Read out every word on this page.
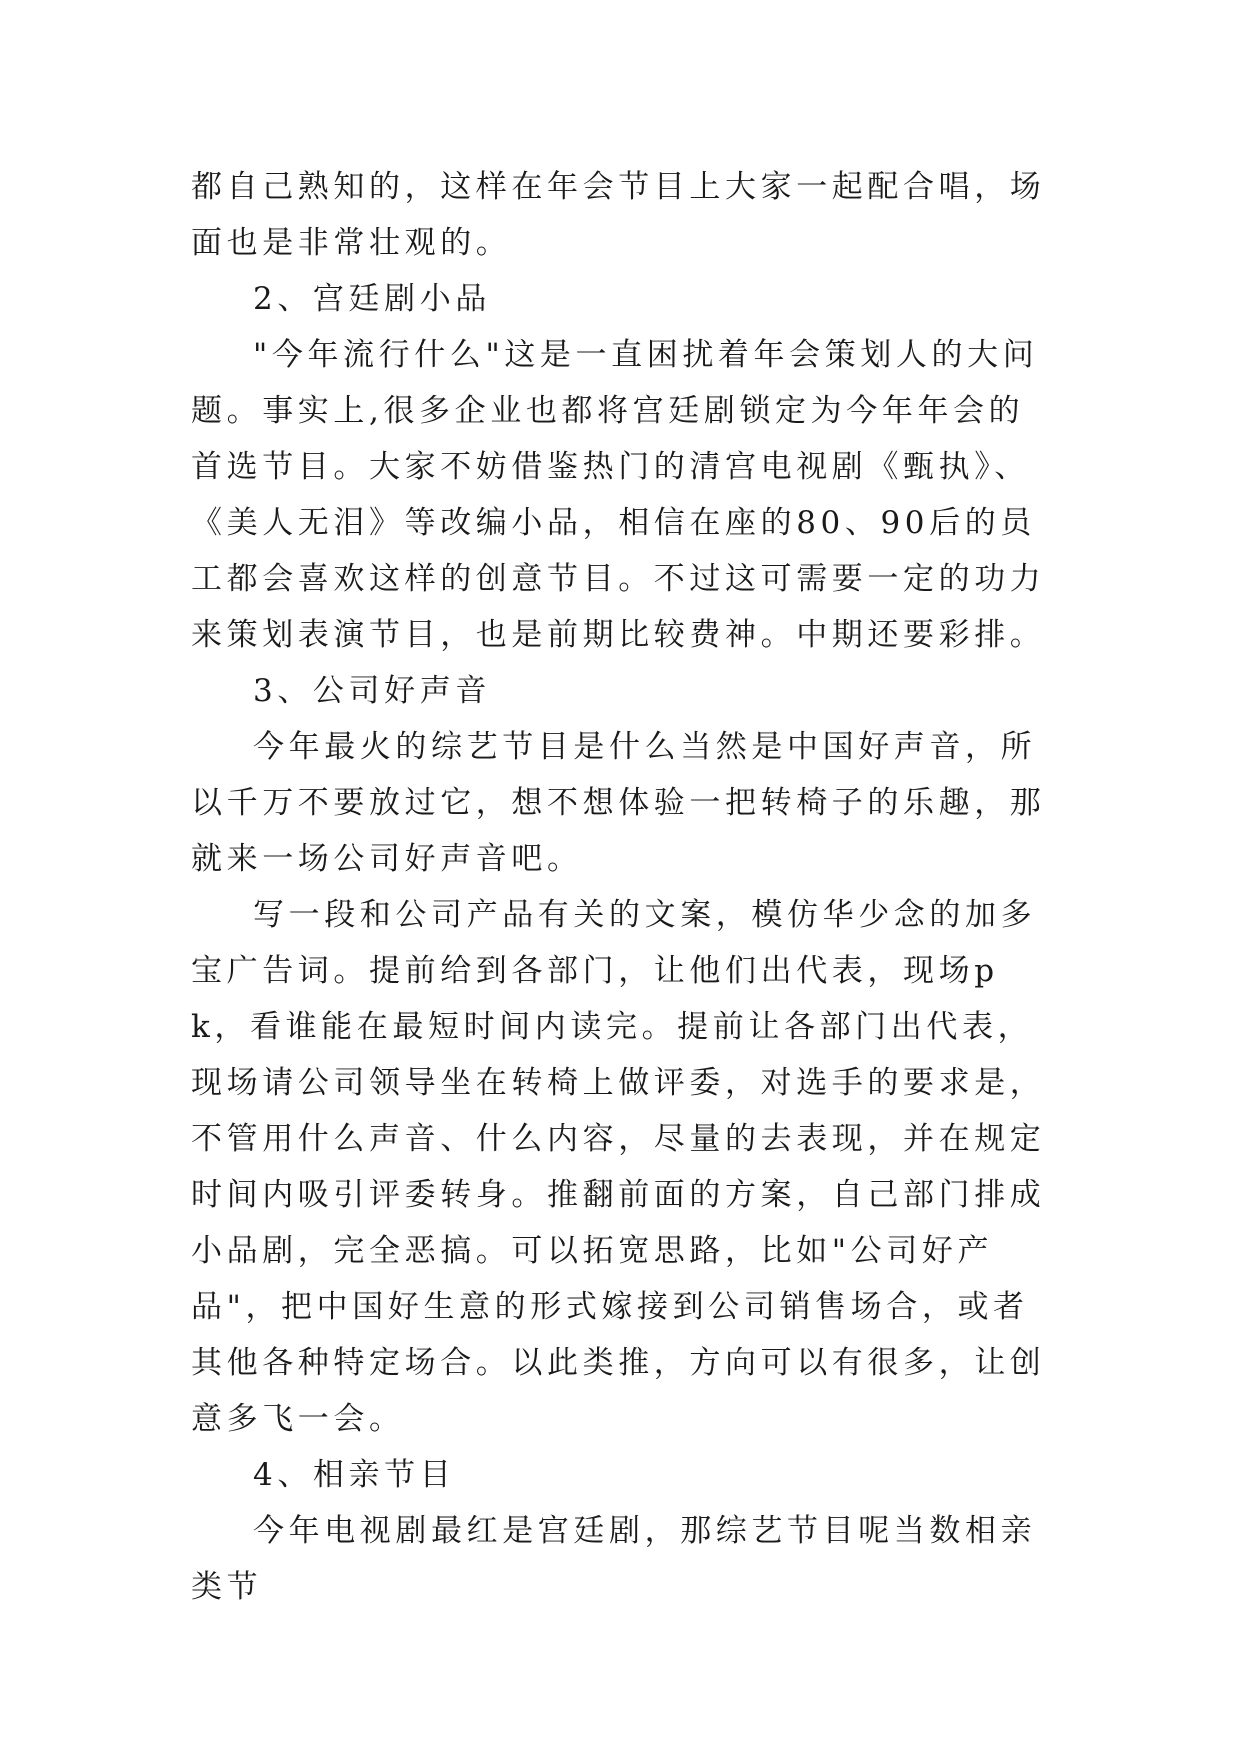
都自己熟知的，这样在年会节目上大家一起配合唱，场面也是非常壮观的。

2、宫廷剧小品

"今年流行什么"这是一直困扰着年会策划人的大问题。事实上,很多企业也都将宫廷剧锁定为今年年会的首选节目。大家不妨借鉴热门的清宫电视剧《甄执》、《美人无泪》等改编小品，相信在座的80、90后的员工都会喜欢这样的创意节目。不过这可需要一定的功力来策划表演节目，也是前期比较费神。中期还要彩排。

3、公司好声音

今年最火的综艺节目是什么当然是中国好声音，所以千万不要放过它，想不想体验一把转椅子的乐趣，那就来一场公司好声音吧。

写一段和公司产品有关的文案，模仿华少念的加多宝广告词。提前给到各部门，让他们出代表，现场pk，看谁能在最短时间内读完。提前让各部门出代表，现场请公司领导坐在转椅上做评委，对选手的要求是，不管用什么声音、什么内容，尽量的去表现，并在规定时间内吸引评委转身。推翻前面的方案，自己部门排成小品剧，完全恶搞。可以拓宽思路，比如"公司好产品"，把中国好生意的形式嫁接到公司销售场合，或者其他各种特定场合。以此类推，方向可以有很多，让创意多飞一会。

4、相亲节目

今年电视剧最红是宫廷剧，那综艺节目呢当数相亲类节
